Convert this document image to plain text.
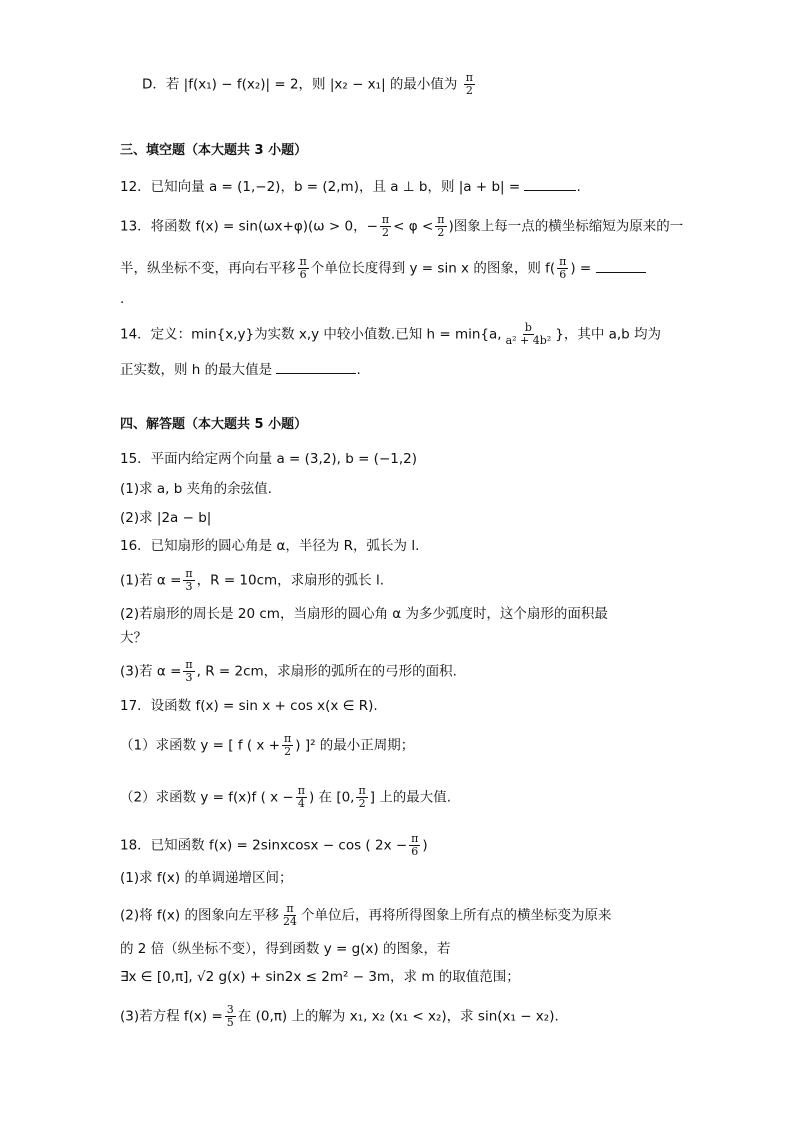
D．若 |f(x₁) − f(x₂)| = 2，则 |x₂ − x₁| 的最小值为 $\frac{\pi}{2}$
三、填空题（本大题共 3 小题）
12．已知向量 a = (1,−2)，b = (2,m)，且 a ⊥ b，则 |a + b| =	.
13．将函数 f(x) = sin(ωx+φ)(ω > 0，− $\frac{\pi}{2} < \varphi < \frac{\pi}{2}$ )图象上每一点的横坐标缩短为原来的一
半，纵坐标不变，再向右平移 $\frac{\pi}{6}$ 个单位长度得到 y = sin x 的图象，则 $f( \frac{\pi}{6}$ ) =
.
14．定义：min{x,y}为实数 x,y 中较小值数.已知 h = min{a, $\frac{b}{\text{a² + 4b²}}$ }，其中 a,b 均为
正实数，则 h 的最大值是	.
四、解答题（本大题共 5 小题）
15．平面内给定两个向量 a = (3,2), b = (−1,2)
(1)求 a, b 夹角的余弦值.
(2)求 |2a − b|
16．已知扇形的圆心角是 α，半径为 R，弧长为 l.
(1)若 $\alpha = \frac{\pi}{3}$ ，R = 10cm，求扇形的弧长 l.
(2)若扇形的周长是 20 cm，当扇形的圆心角 α 为多少弧度时，这个扇形的面积最
大？
(3)若 $\alpha = \frac{\pi}{3}$ , R = 2cm，求扇形的弧所在的弓形的面积.
17．设函数 f(x) = sin x + cos x(x ∈ R).
（1）求函数 y = [ f ( $x + \frac{\pi}{2}$ ) ]² 的最小正周期；
（2）求函数 y = f(x)f ( $x - \frac{\pi}{4}$ ) 在 [0, $\frac{\pi}{2}$ ] 上的最大值.
18．已知函数 f(x) = 2sinxcosx − cos ( $2x - \frac{\pi}{6}$ )
(1)求 f(x) 的单调递增区间；
(2)将 f(x) 的图象向左平移 $\frac{\pi}{24}$ 个单位后，再将所得图象上所有点的横坐标变为原来
的 2 倍（纵坐标不变），得到函数 y = g(x) 的图象，若
∃x ∈ [0,π], √2 g(x) + sin2x ≤ 2m² − 3m，求 m 的取值范围；
(3)若方程 $f(x) = \frac{3}{5}$ 在 (0,π) 上的解为 x₁, x₂ (x₁ < x₂)，求 sin(x₁ − x₂).
